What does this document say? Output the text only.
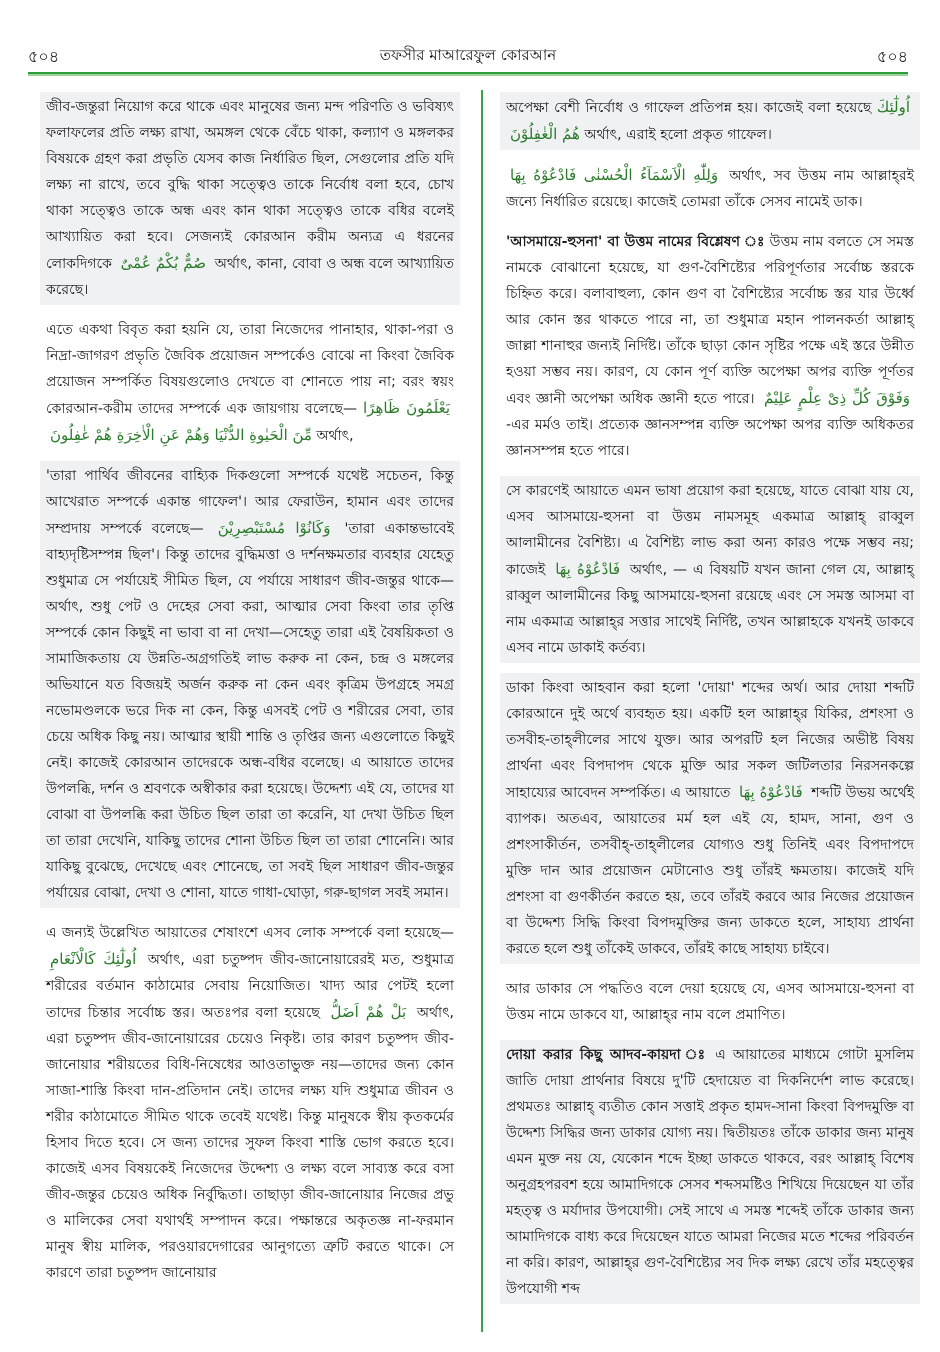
৫০৪	তফসীর মাআরেফুল কোরআন	৫০৪

জীব-জন্তুরা নিয়োগ করে থাকে এবং মানুষের জন্য মন্দ পরিণতি ও ভবিষ্যৎ ফলাফলের প্রতি লক্ষ্য রাখা, অমঙ্গল থেকে বেঁচে থাকা, কল্যাণ ও মঙ্গলকর বিষয়কে গ্রহণ করা প্রভৃতি যেসব কাজ নির্ধারিত ছিল, সেগুলোর প্রতি যদি লক্ষ্য না রাখে, তবে বুদ্ধি থাকা সত্ত্বেও তাকে নির্বোধ বলা হবে, চোখ থাকা সত্ত্বেও তাকে অন্ধ এবং কান থাকা সত্ত্বেও তাকে বধির বলেই আখ্যায়িত করা হবে। সেজন্যই কোরআন করীম অন্যত্র এ ধরনের লোকদিগকে صُمٌّ بُكْمٌ عُمْىٌ অর্থাৎ, কানা, বোবা ও অন্ধ বলে আখ্যায়িত করেছে।

এতে একথা বিবৃত করা হয়নি যে, তারা নিজেদের পানাহার, থাকা-পরা ও নিদ্রা-জাগরণ প্রভৃতি জৈবিক প্রয়োজন সম্পর্কেও বোঝে না কিংবা জৈবিক প্রয়োজন সম্পর্কিত বিষয়গুলোও দেখতে বা শোনতে পায় না; বরং স্বয়ং কোরআন-করীম তাদের সম্পর্কে এক জায়গায় বলেছে— يَعْلَمُونَ ظَاهِرًا مِّنَ الْحَيٰوةِ الدُّنْيَا وَهُمْ عَنِ الْاٰخِرَةِ هُمْ غٰفِلُونَ অর্থাৎ,

'তারা পার্থিব জীবনের বাহ্যিক দিকগুলো সম্পর্কে যথেষ্ট সচেতন, কিন্তু আখেরাত সম্পর্কে একান্ত গাফেল'। আর ফেরাউন, হামান এবং তাদের সম্প্রদায় সম্পর্কে বলেছে— وَكَانُوْا مُسْتَبْصِرِيْنَ 'তারা একান্তভাবেই বাহ্যদৃষ্টিসম্পন্ন ছিল'। কিন্তু তাদের বুদ্ধিমত্তা ও দর্শনক্ষমতার ব্যবহার যেহেতু শুধুমাত্র সে পর্যায়েই সীমিত ছিল, যে পর্যায়ে সাধারণ জীব-জন্তুর থাকে—অর্থাৎ, শুধু পেট ও দেহের সেবা করা, আত্মার সেবা কিংবা তার তৃপ্তি সম্পর্কে কোন কিছুই না ভাবা বা না দেখা—সেহেতু তারা এই বৈষয়িকতা ও সামাজিকতায় যে উন্নতি-অগ্রগতিই লাভ করুক না কেন, চন্দ্র ও মঙ্গলের অভিযানে যত বিজয়ই অর্জন করুক না কেন এবং কৃত্রিম উপগ্রহে সমগ্র নভোমণ্ডলকে ভরে দিক না কেন, কিন্তু এসবই পেট ও শরীরের সেবা, তার চেয়ে অধিক কিছু নয়। আত্মার স্থায়ী শান্তি ও তৃপ্তির জন্য এগুলোতে কিছুই নেই। কাজেই কোরআন তাদেরকে অন্ধ-বধির বলেছে। এ আয়াতে তাদের উপলব্ধি, দর্শন ও শ্রবণকে অস্বীকার করা হয়েছে। উদ্দেশ্য এই যে, তাদের যা বোঝা বা উপলব্ধি করা উচিত ছিল তারা তা করেনি, যা দেখা উচিত ছিল তা তারা দেখেনি, যাকিছু তাদের শোনা উচিত ছিল তা তারা শোনেনি। আর যাকিছু বুঝেছে, দেখেছে এবং শোনেছে, তা সবই ছিল সাধারণ জীব-জন্তুর পর্যায়ের বোঝা, দেখা ও শোনা, যাতে গাধা-ঘোড়া, গরু-ছাগল সবই সমান।

এ জন্যই উল্লেখিত আয়াতের শেষাংশে এসব লোক সম্পর্কে বলা হয়েছে— اُولٰٓئِكَ كَالْاَنْعَامِ অর্থাৎ, এরা চতুষ্পদ জীব-জানোয়ারেরই মত, শুধুমাত্র শরীরের বর্তমান কাঠামোর সেবায় নিয়োজিত। খাদ্য আর পেটই হলো তাদের চিন্তার সর্বোচ্চ স্তর। অতঃপর বলা হয়েছে بَلْ هُمْ اَضَلُّ অর্থাৎ, এরা চতুষ্পদ জীব-জানোয়ারের চেয়েও নিকৃষ্ট। তার কারণ চতুষ্পদ জীব-জানোয়ার শরীয়তের বিধি-নিষেধের আওতাভুক্ত নয়—তাদের জন্য কোন সাজা-শাস্তি কিংবা দান-প্রতিদান নেই। তাদের লক্ষ্য যদি শুধুমাত্র জীবন ও শরীর কাঠামোতে সীমিত থাকে তবেই যথেষ্ট। কিন্তু মানুষকে স্বীয় কৃতকর্মের হিসাব দিতে হবে। সে জন্য তাদের সুফল কিংবা শাস্তি ভোগ করতে হবে। কাজেই এসব বিষয়কেই নিজেদের উদ্দেশ্য ও লক্ষ্য বলে সাব্যস্ত করে বসা জীব-জন্তুর চেয়েও অধিক নির্বুদ্ধিতা। তাছাড়া জীব-জানোয়ার নিজের প্রভু ও মালিকের সেবা যথার্থই সম্পাদন করে। পক্ষান্তরে অকৃতজ্ঞ না-ফরমান মানুষ স্বীয় মালিক, পরওয়ারদেগারের আনুগত্যে ত্রুটি করতে থাকে। সে কারণে তারা চতুষ্পদ জানোয়ার

অপেক্ষা বেশী নির্বোধ ও গাফেল প্রতিপন্ন হয়। কাজেই বলা হয়েছে اُولٰٓئِكَ هُمُ الْغٰفِلُوْنَ অর্থাৎ, এরাই হলো প্রকৃত গাফেল।

وَلِلّٰهِ الْاَسْمَآءُ الْحُسْنٰى فَادْعُوْهُ بِهَا অর্থাৎ, সব উত্তম নাম আল্লাহ্‌রই জন্যে নির্ধারিত রয়েছে। কাজেই তোমরা তাঁকে সেসব নামেই ডাক।

'আসমায়ে-হুসনা' বা উত্তম নামের বিশ্লেষণ ঃ উত্তম নাম বলতে সে সমস্ত নামকে বোঝানো হয়েছে, যা গুণ-বৈশিষ্ট্যের পরিপূর্ণতার সর্বোচ্চ স্তরকে চিহ্নিত করে। বলাবাহুল্য, কোন গুণ বা বৈশিষ্ট্যের সর্বোচ্চ স্তর যার উর্ধ্বে আর কোন স্তর থাকতে পারে না, তা শুধুমাত্র মহান পালনকর্তা আল্লাহ্ জাল্লা শানাহুর জন্যই নির্দিষ্ট। তাঁকে ছাড়া কোন সৃষ্টির পক্ষে এই স্তরে উন্নীত হওয়া সম্ভব নয়। কারণ, যে কোন পূর্ণ ব্যক্তি অপেক্ষা অপর ব্যক্তি পূর্ণতর এবং জ্ঞানী অপেক্ষা অধিক জ্ঞানী হতে পারে। وَفَوْقَ كُلِّ ذِىْ عِلْمٍ عَلِيْمٌ -এর মর্মও তাই। প্রত্যেক জ্ঞানসম্পন্ন ব্যক্তি অপেক্ষা অপর ব্যক্তি অধিকতর জ্ঞানসম্পন্ন হতে পারে।

সে কারণেই আয়াতে এমন ভাষা প্রয়োগ করা হয়েছে, যাতে বোঝা যায় যে, এসব আসমায়ে-হুসনা বা উত্তম নামসমূহ একমাত্র আল্লাহ্ রাব্বুল আলামীনের বৈশিষ্ট্য। এ বৈশিষ্ট্য লাভ করা অন্য কারও পক্ষে সম্ভব নয়; কাজেই فَادْعُوْهُ بِهَا অর্থাৎ, — এ বিষয়টি যখন জানা গেল যে, আল্লাহ্ রাব্বুল আলামীনের কিছু আসমায়ে-হুসনা রয়েছে এবং সে সমস্ত আসমা বা নাম একমাত্র আল্লাহ্‌র সত্তার সাথেই নির্দিষ্ট, তখন আল্লাহকে যখনই ডাকবে এসব নামে ডাকাই কর্তব্য।

ডাকা কিংবা আহবান করা হলো 'দোয়া' শব্দের অর্থ। আর দোয়া শব্দটি কোরআনে দুই অর্থে ব্যবহৃত হয়। একটি হল আল্লাহ্‌র যিকির, প্রশংসা ও তসবীহ-তাহ্‌লীলের সাথে যুক্ত। আর অপরটি হল নিজের অভীষ্ট বিষয় প্রার্থনা এবং বিপদাপদ থেকে মুক্তি আর সকল জটিলতার নিরসনকল্পে সাহায্যের আবেদন সম্পর্কিত। এ আয়াতে فَادْعُوْهُ بِهَا শব্দটি উভয় অর্থেই ব্যাপক। অতএব, আয়াতের মর্ম হল এই যে, হামদ, সানা, গুণ ও প্রশংসাকীর্তন, তসবীহ্-তাহ্‌লীলের যোগ্যও শুধু তিনিই এবং বিপদাপদে মুক্তি দান আর প্রয়োজন মেটানোও শুধু তাঁরই ক্ষমতায়। কাজেই যদি প্রশংসা বা গুণকীর্তন করতে হয়, তবে তাঁরই করবে আর নিজের প্রয়োজন বা উদ্দেশ্য সিদ্ধি কিংবা বিপদমুক্তির জন্য ডাকতে হলে, সাহায্য প্রার্থনা করতে হলে শুধু তাঁকেই ডাকবে, তাঁরই কাছে সাহায্য চাইবে।

আর ডাকার সে পদ্ধতিও বলে দেয়া হয়েছে যে, এসব আসমায়ে-হুসনা বা উত্তম নামে ডাকবে যা, আল্লাহ্‌র নাম বলে প্রমাণিত।

দোয়া করার কিছু আদব-কায়দা ঃ এ আয়াতের মাধ্যমে গোটা মুসলিম জাতি দোয়া প্রার্থনার বিষয়ে দু'টি হেদায়েত বা দিকনির্দেশ লাভ করেছে। প্রথমতঃ আল্লাহ্ ব্যতীত কোন সত্তাই প্রকৃত হামদ-সানা কিংবা বিপদমুক্তি বা উদ্দেশ্য সিদ্ধির জন্য ডাকার যোগ্য নয়। দ্বিতীয়তঃ তাঁকে ডাকার জন্য মানুষ এমন মুক্ত নয় যে, যেকোন শব্দে ইচ্ছা ডাকতে থাকবে, বরং আল্লাহ্ বিশেষ অনুগ্রহপরবশ হয়ে আমাদিগকে সেসব শব্দসমষ্টিও শিখিয়ে দিয়েছেন যা তাঁর মহত্ত্ব ও মর্যাদার উপযোগী। সেই সাথে এ সমস্ত শব্দেই তাঁকে ডাকার জন্য আমাদিগকে বাধ্য করে দিয়েছেন যাতে আমরা নিজের মতে শব্দের পরিবর্তন না করি। কারণ, আল্লাহ্‌র গুণ-বৈশিষ্ট্যের সব দিক লক্ষ্য রেখে তাঁর মহত্ত্বের উপযোগী শব্দ
